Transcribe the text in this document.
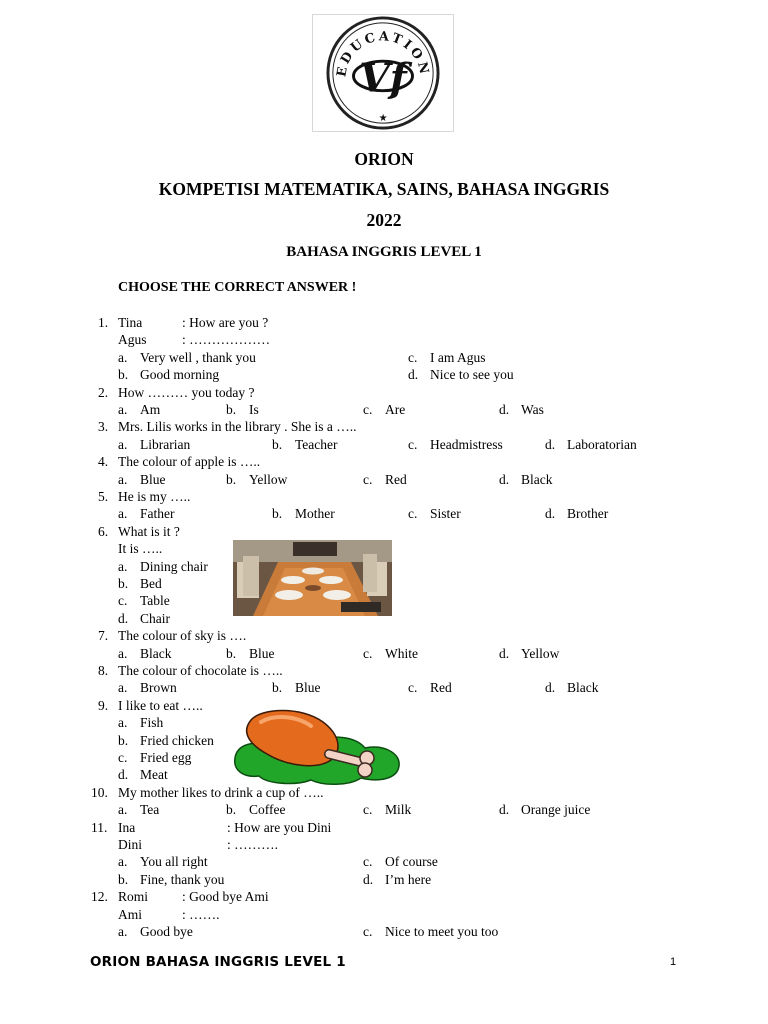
EDUCATION
Vf
★
ORION
KOMPETISI MATEMATIKA, SAINS, BAHASA INGGRIS
2022
BAHASA INGGRIS LEVEL 1
CHOOSE THE CORRECT ANSWER !
1. Tina	: How are you ?
Agus	: ………………
a. Very well , thank you	c. I am Agus
b. Good morning	d. Nice to see you
2. How ……… you today ?
a. Am	b. Is	c. Are	d. Was
3. Mrs. Lilis works in the library . She is a …..
a. Librarian	b. Teacher	c. Headmistress	d. Laboratorian
4. The colour of apple is …..
a. Blue	b. Yellow	c. Red	d. Black
5. He is my …..
a. Father	b. Mother	c. Sister	d. Brother
6. What is it ?
It is …..
a. Dining chair
b. Bed
c. Table
d. Chair
7. The colour of sky is ….
a. Black	b. Blue	c. White	d. Yellow
8. The colour of chocolate is …..
a. Brown	b. Blue	c. Red	d. Black
9. I like to eat …..
a. Fish
b. Fried chicken
c. Fried egg
d. Meat
10. My mother likes to drink a cup of …..
a. Tea	b. Coffee	c. Milk	d. Orange juice
11. Ina	: How are you Dini
Dini	: ……….
a. You all right	c. Of course
b. Fine, thank you	d. I’m here
12. Romi	: Good bye Ami
Ami	: …….
a. Good bye	c. Nice to meet you too
ORION BAHASA INGGRIS LEVEL 1	1
